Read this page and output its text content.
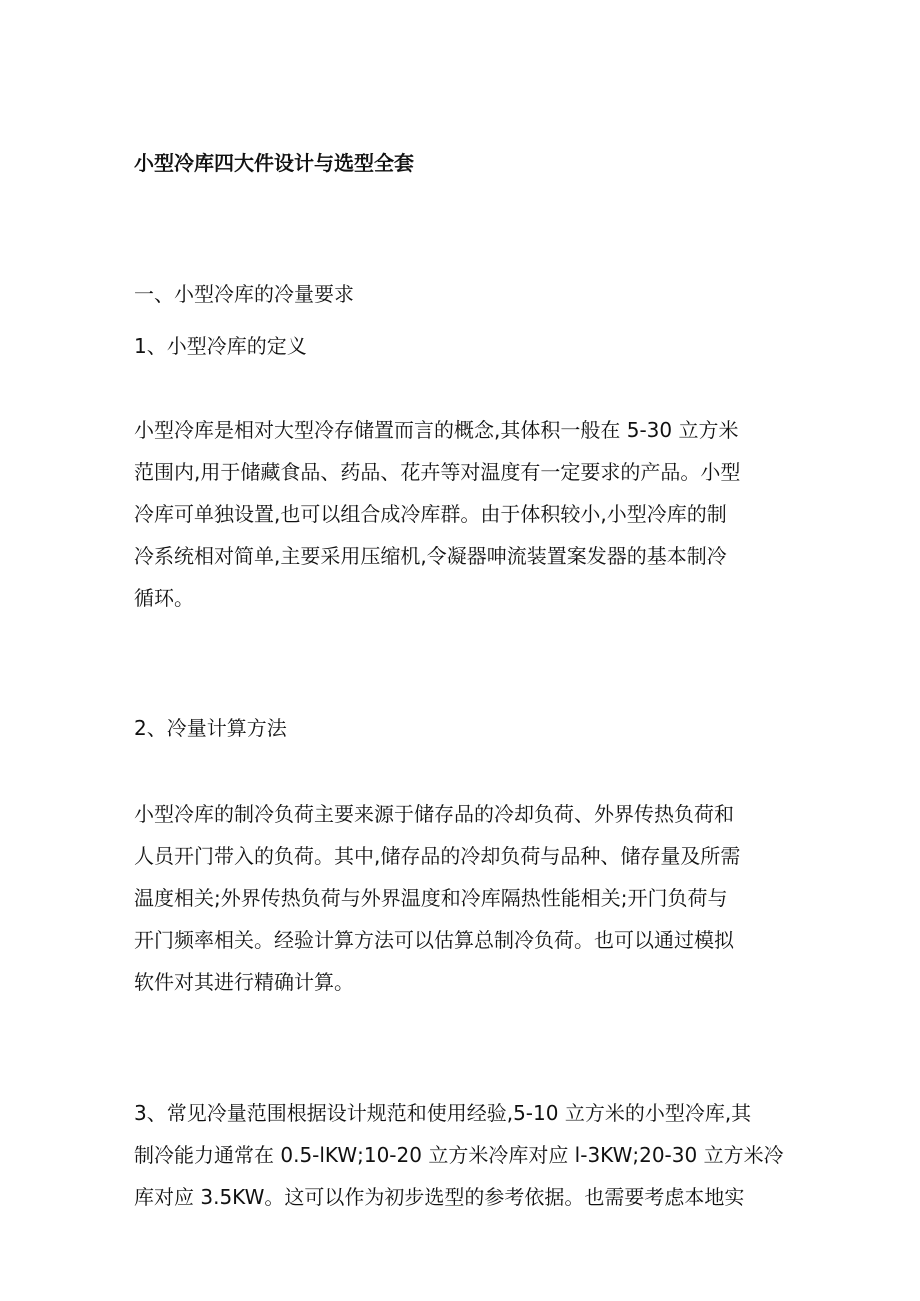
小型冷库四大件设计与选型全套
一、小型冷库的冷量要求
1、小型冷库的定义
小型冷库是相对大型冷存储置而言的概念,其体积一般在 5-30 立方米
范围内,用于储藏食品、药品、花卉等对温度有一定要求的产品。小型
冷库可单独设置,也可以组合成冷库群。由于体积较小,小型冷库的制
冷系统相对简单,主要采用压缩机,令凝器呻流装置案发器的基本制冷
循环。
2、冷量计算方法
小型冷库的制冷负荷主要来源于储存品的冷却负荷、外界传热负荷和
人员开门带入的负荷。其中,储存品的冷却负荷与品种、储存量及所需
温度相关;外界传热负荷与外界温度和冷库隔热性能相关;开门负荷与
开门频率相关。经验计算方法可以估算总制冷负荷。也可以通过模拟
软件对其进行精确计算。
3、常见冷量范围根据设计规范和使用经验,5-10 立方米的小型冷库,其
制冷能力通常在 0.5-lKW;10-20 立方米冷库对应 l-3KW;20-30 立方米冷
库对应 3.5KW。这可以作为初步选型的参考依据。也需要考虑本地实
